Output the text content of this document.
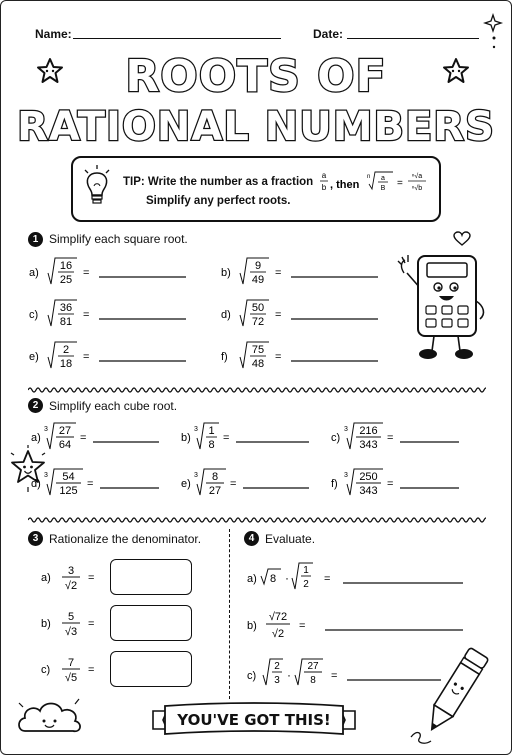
Name:	Date:
ROOTS OF
RATIONAL NUMBERS
TIP: Write the number as a fraction
a
b , then
n a
B =
ⁿ√a
ⁿ√b
Simplify any perfect roots.
1 Simplify each square root.
a)
16
25
=	b)
9
49
=
c)
36
81
=	d)
50
72
=
e)
2
18
=	f)
75
48
=
2 Simplify each cube root.
a)
3 27
64
=	b)
3 1
8
=	c)
3 216
343
=
d)
3 54
125
=	e)
3 8
27
=	f)
3 250
343
=
3 Rationalize the denominator.
a)
3
√2
=
b)
5
√3
=
c)
7
√5
=
4 Evaluate.
a) 8 ·
1
2 =
b)
√72
√2
=
c)
2
3 ·
27
8 =
YOU'VE GOT THIS!
